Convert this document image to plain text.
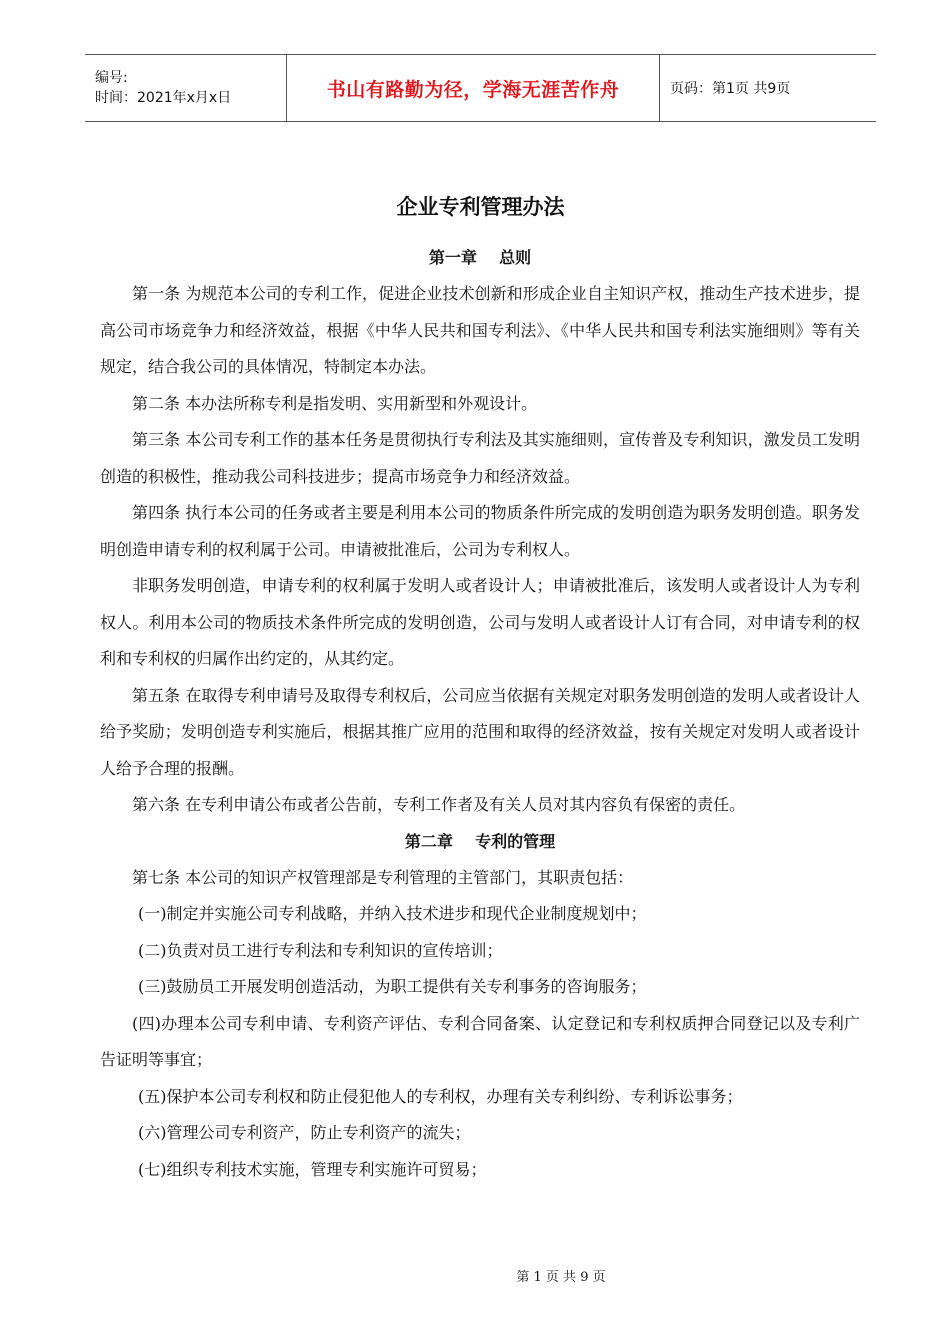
编号:
时间：2021年x月x日	书山有路勤为径，学海无涯苦作舟	页码：第1页 共9页
企业专利管理办法
第一章    总则

第一条 为规范本公司的专利工作，促进企业技术创新和形成企业自主知识产权，推动生产技术进步，提高公司市场竞争力和经济效益，根据《中华人民共和国专利法》、《中华人民共和国专利法实施细则》等有关规定，结合我公司的具体情况，特制定本办法。

第二条 本办法所称专利是指发明、实用新型和外观设计。

第三条 本公司专利工作的基本任务是贯彻执行专利法及其实施细则，宣传普及专利知识，激发员工发明创造的积极性，推动我公司科技进步；提高市场竞争力和经济效益。

第四条 执行本公司的任务或者主要是利用本公司的物质条件所完成的发明创造为职务发明创造。职务发明创造申请专利的权利属于公司。申请被批准后，公司为专利权人。

非职务发明创造，申请专利的权利属于发明人或者设计人；申请被批准后，该发明人或者设计人为专利权人。利用本公司的物质技术条件所完成的发明创造，公司与发明人或者设计人订有合同，对申请专利的权利和专利权的归属作出约定的，从其约定。

第五条 在取得专利申请号及取得专利权后，公司应当依据有关规定对职务发明创造的发明人或者设计人给予奖励；发明创造专利实施后，根据其推广应用的范围和取得的经济效益，按有关规定对发明人或者设计人给予合理的报酬。

第六条 在专利申请公布或者公告前，专利工作者及有关人员对其内容负有保密的责任。

第二章    专利的管理

第七条 本公司的知识产权管理部是专利管理的主管部门，其职责包括：

(一)制定并实施公司专利战略，并纳入技术进步和现代企业制度规划中；

(二)负责对员工进行专利法和专利知识的宣传培训；

(三)鼓励员工开展发明创造活动，为职工提供有关专利事务的咨询服务；

(四)办理本公司专利申请、专利资产评估、专利合同备案、认定登记和专利权质押合同登记以及专利广告证明等事宜；

(五)保护本公司专利权和防止侵犯他人的专利权，办理有关专利纠纷、专利诉讼事务；

(六)管理公司专利资产，防止专利资产的流失；

(七)组织专利技术实施，管理专利实施许可贸易；

第 1 页 共 9 页
